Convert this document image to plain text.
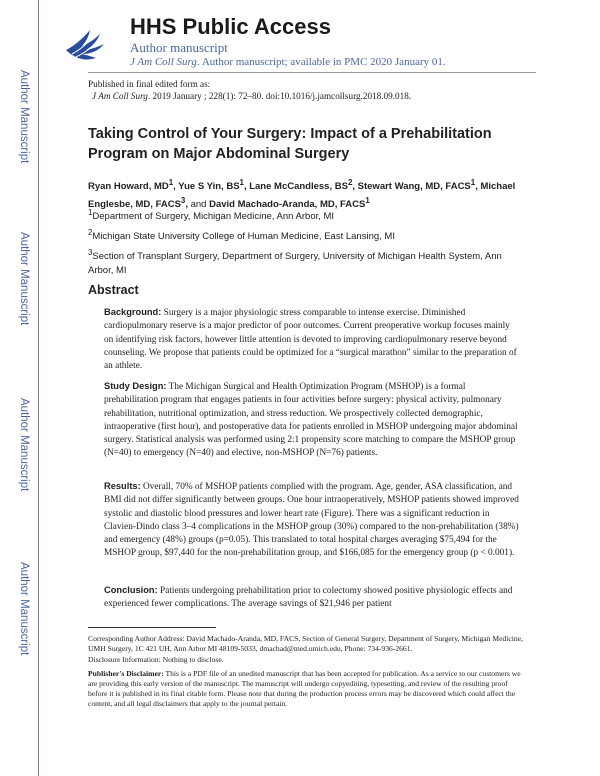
Author Manuscript
Author Manuscript
Author Manuscript
Author Manuscript
HHS Public Access
Author manuscript
J Am Coll Surg. Author manuscript; available in PMC 2020 January 01.
Published in final edited form as:
J Am Coll Surg. 2019 January ; 228(1): 72–80. doi:10.1016/j.jamcollsurg.2018.09.018.
Taking Control of Your Surgery: Impact of a Prehabilitation Program on Major Abdominal Surgery
Ryan Howard, $MD^1$, Yue S Yin, $BS^1$, Lane McCandless, $BS^2$, Stewart Wang, MD, FACS$^1$, Michael Englesbe, MD, FACS$^3$, and David Machado-Aranda, MD, FACS$^1$
$^1$Department of Surgery, Michigan Medicine, Ann Arbor, MI
$^2$Michigan State University College of Human Medicine, East Lansing, MI
$^3$Section of Transplant Surgery, Department of Surgery, University of Michigan Health System, Ann Arbor, MI
Abstract
Background: Surgery is a major physiologic stress comparable to intense exercise. Diminished cardiopulmonary reserve is a major predictor of poor outcomes. Current preoperative workup focuses mainly on identifying risk factors, however little attention is devoted to improving cardiopulmonary reserve beyond counseling. We propose that patients could be optimized for a “surgical marathon” similar to the preparation of an athlete.
Study Design: The Michigan Surgical and Health Optimization Program (MSHOP) is a formal prehabilitation program that engages patients in four activities before surgery: physical activity, pulmonary rehabilitation, nutritional optimization, and stress reduction. We prospectively collected demographic, intraoperative (first hour), and postoperative data for patients enrolled in MSHOP undergoing major abdominal surgery. Statistical analysis was performed using 2:1 propensity score matching to compare the MSHOP group (N=40) to emergency (N=40) and elective, non-MSHOP (N=76) patients.
Results: Overall, 70% of MSHOP patients complied with the program. Age, gender, ASA classification, and BMI did not differ significantly between groups. One hour intraoperatively, MSHOP patients showed improved systolic and diastolic blood pressures and lower heart rate (Figure). There was a significant reduction in Clavien-Dindo class 3–4 complications in the MSHOP group (30%) compared to the non-prehabilitation (38%) and emergency (48%) groups (p=0.05). This translated to total hospital charges averaging $75,494 for the MSHOP group, $97,440 for the non-prehabilitation group, and $166,085 for the emergency group (p < 0.001).
Conclusion: Patients undergoing prehabilitation prior to colectomy showed positive physiologic effects and experienced fewer complications. The average savings of $21,946 per patient
Corresponding Author Address: David Machado-Aranda, MD, FACS, Section of General Surgery, Department of Surgery, Michigan Medicine, UMH Surgery, 1C 421 UH, Ann Arbor MI 48109-5033, dmachad@med.umich.edu, Phone: 734-936-2661.
Disclosure Information: Nothing to disclose.
Publisher's Disclaimer: This is a PDF file of an unedited manuscript that has been accepted for publication. As a service to our customers we are providing this early version of the manuscript. The manuscript will undergo copyediting, typesetting, and review of the resulting proof before it is published in its final citable form. Please note that during the production process errors may be discovered which could affect the content, and all legal disclaimers that apply to the journal pertain.
